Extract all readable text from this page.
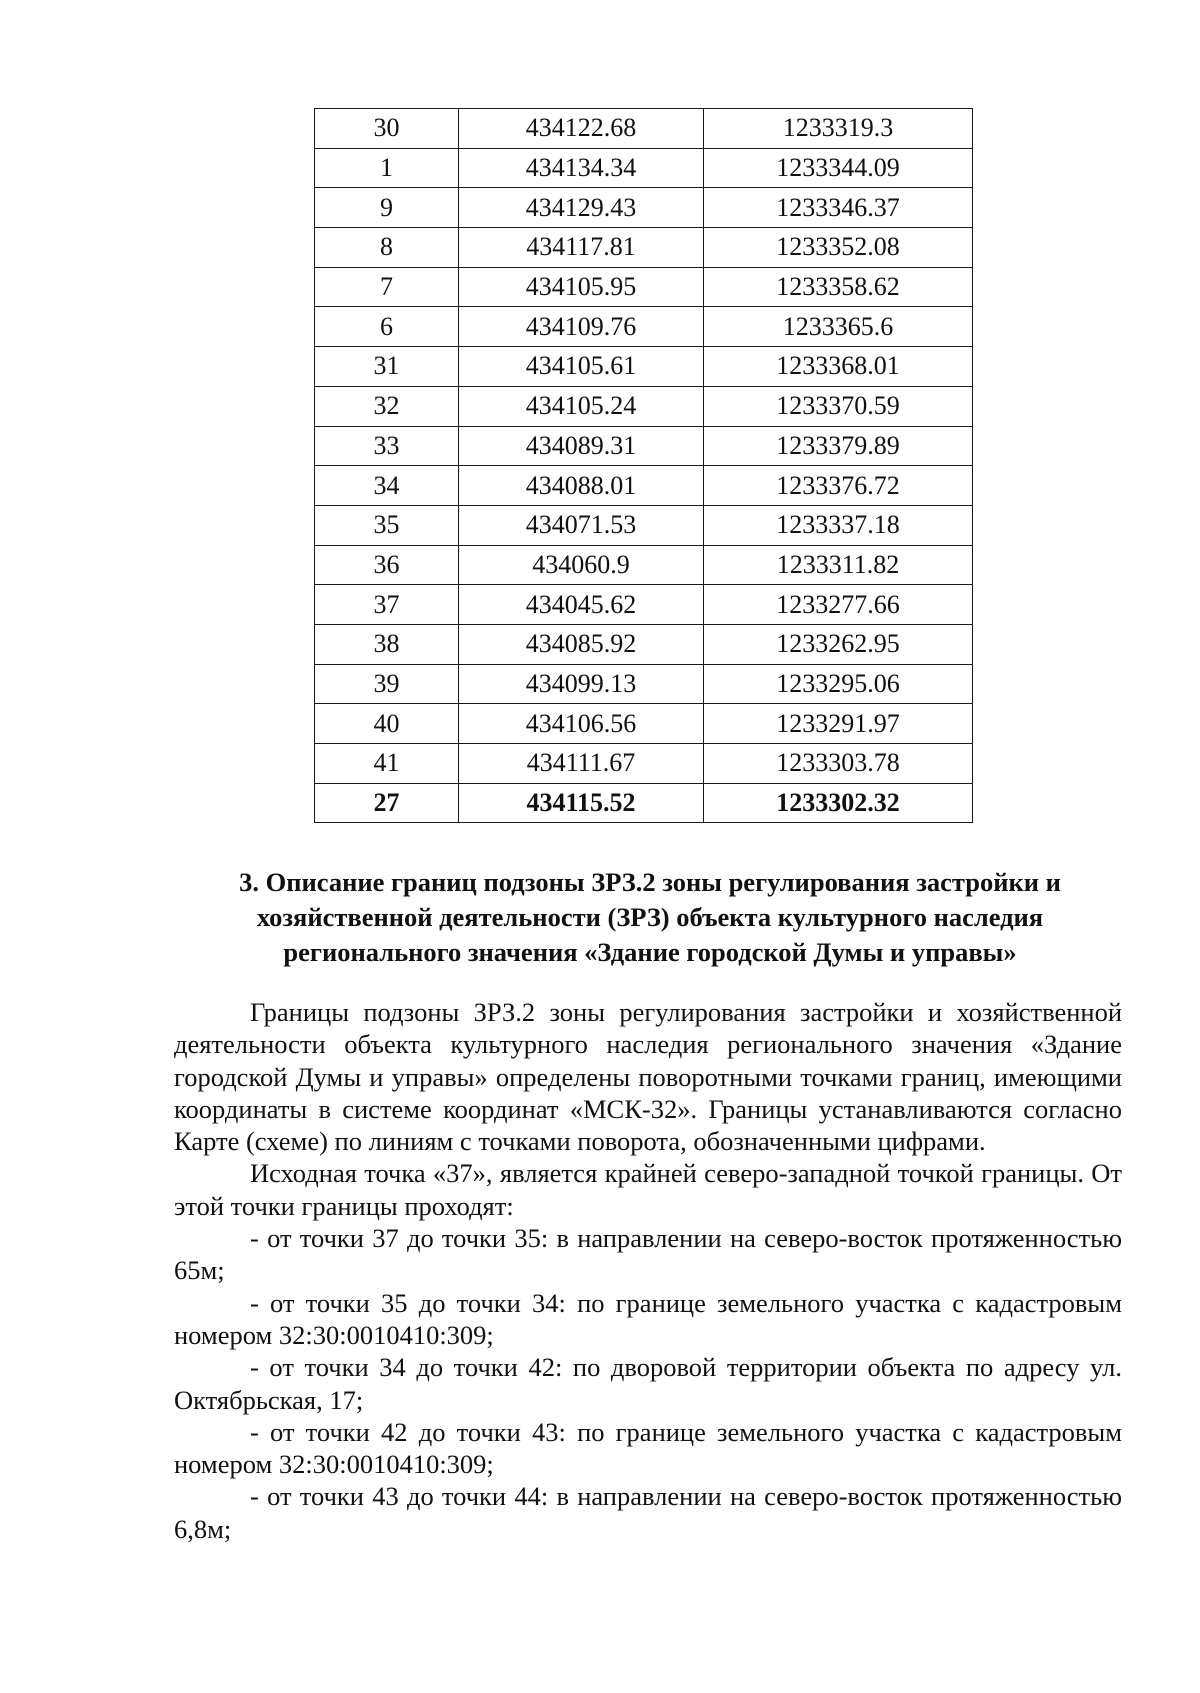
30	434122.68	1233319.3
1	434134.34	1233344.09
9	434129.43	1233346.37
8	434117.81	1233352.08
7	434105.95	1233358.62
6	434109.76	1233365.6
31	434105.61	1233368.01
32	434105.24	1233370.59
33	434089.31	1233379.89
34	434088.01	1233376.72
35	434071.53	1233337.18
36	434060.9	1233311.82
37	434045.62	1233277.66
38	434085.92	1233262.95
39	434099.13	1233295.06
40	434106.56	1233291.97
41	434111.67	1233303.78
27	434115.52	1233302.32
3. Описание границ подзоны ЗРЗ.2 зоны регулирования застройки и
хозяйственной деятельности (ЗРЗ) объекта культурного наследия
регионального значения «Здание городской Думы и управы»

Границы подзоны ЗРЗ.2 зоны регулирования застройки и хозяйственной деятельности объекта культурного наследия регионального значения «Здание городской Думы и управы» определены поворотными точками границ, имеющими координаты в системе координат «МСК-32». Границы устанавливаются согласно Карте (схеме) по линиям с точками поворота, обозначенными цифрами.

Исходная точка «37», является крайней северо-западной точкой границы. От этой точки границы проходят:

- от точки 37 до точки 35: в направлении на северо-восток протяженностью 65м;

- от точки 35 до точки 34: по границе земельного участка с кадастровым номером 32:30:0010410:309;

- от точки 34 до точки 42: по дворовой территории объекта по адресу ул. Октябрьская, 17;

- от точки 42 до точки 43: по границе земельного участка с кадастровым номером 32:30:0010410:309;

- от точки 43 до точки 44: в направлении на северо-восток протяженностью 6,8м;
